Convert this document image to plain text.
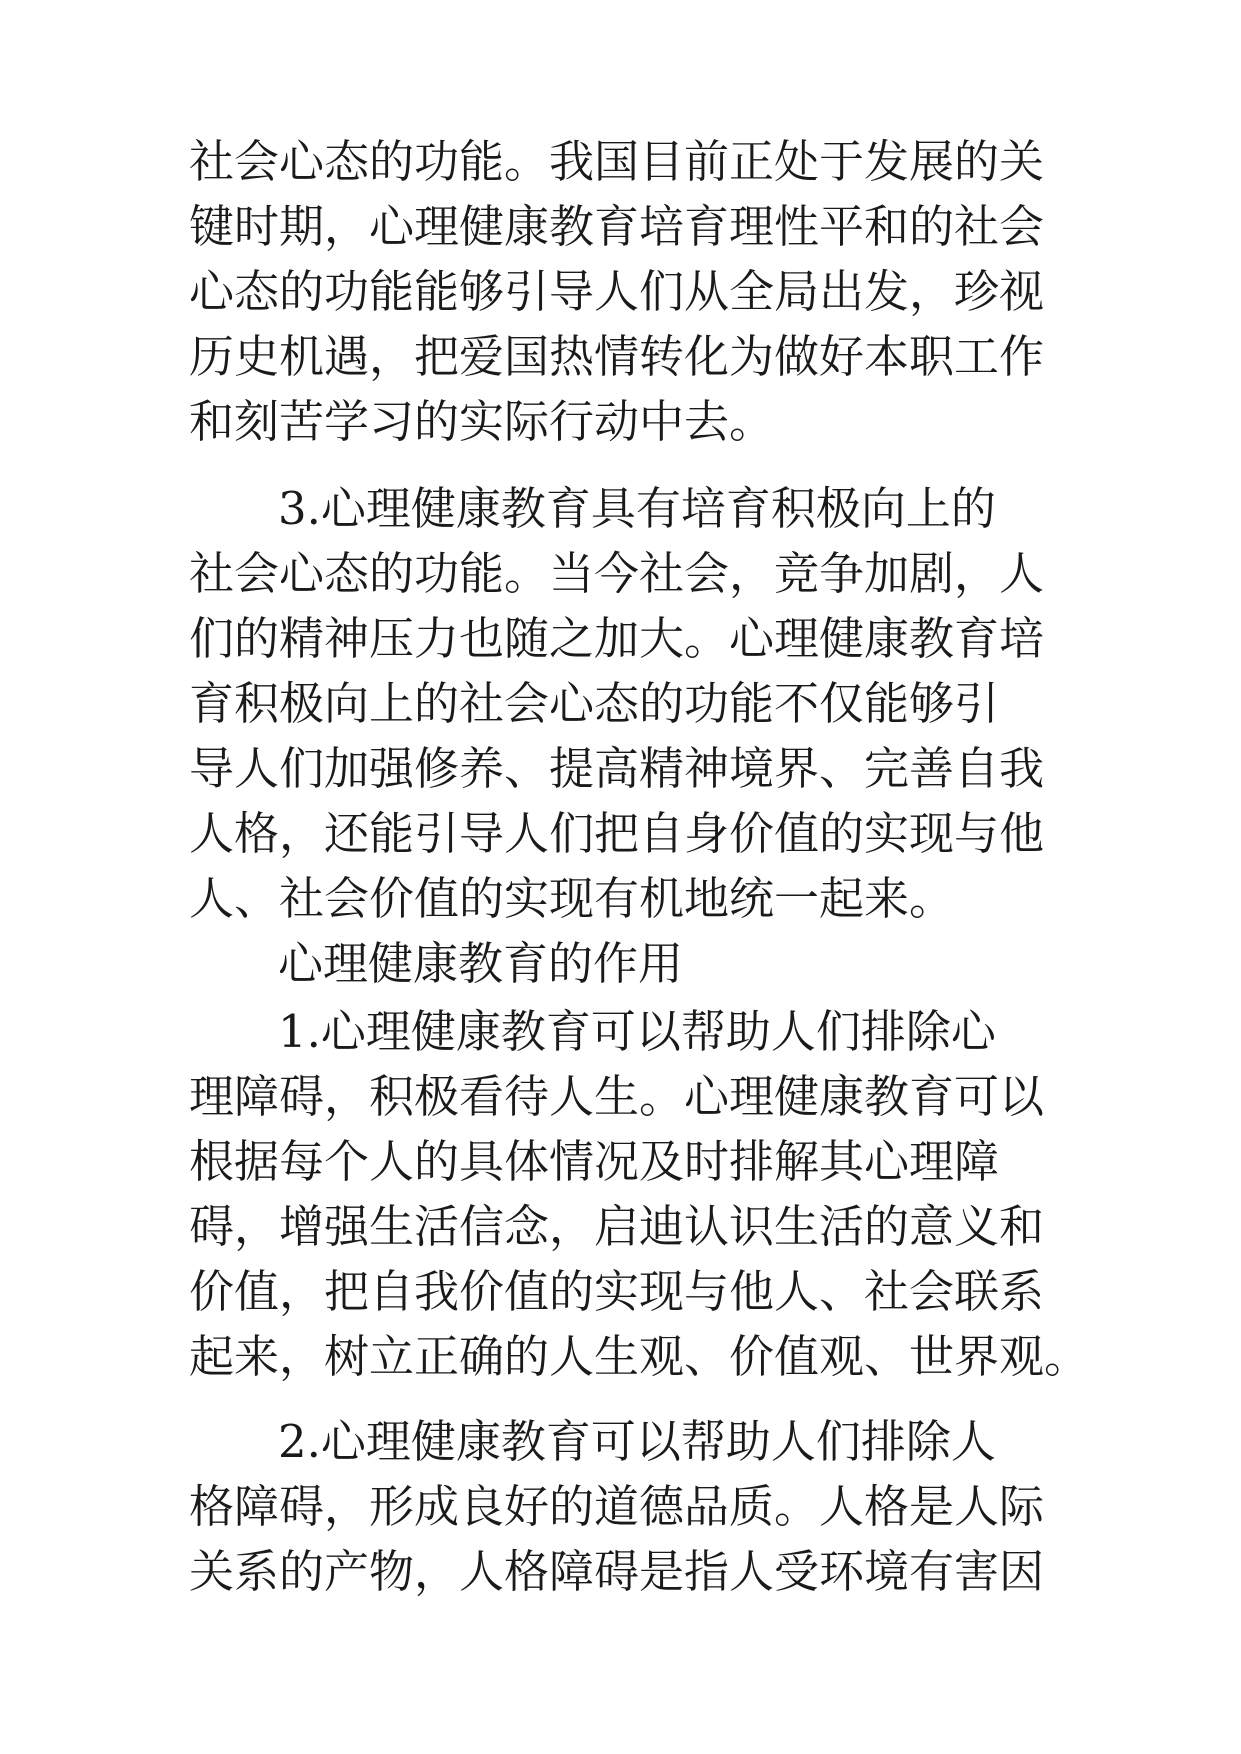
社会心态的功能。我国目前正处于发展的关
键时期，心理健康教育培育理性平和的社会
心态的功能能够引导人们从全局出发，珍视
历史机遇，把爱国热情转化为做好本职工作
和刻苦学习的实际行动中去。
3.心理健康教育具有培育积极向上的
社会心态的功能。当今社会，竞争加剧，人
们的精神压力也随之加大。心理健康教育培
育积极向上的社会心态的功能不仅能够引
导人们加强修养、提高精神境界、完善自我
人格，还能引导人们把自身价值的实现与他
人、社会价值的实现有机地统一起来。
心理健康教育的作用
1.心理健康教育可以帮助人们排除心
理障碍，积极看待人生。心理健康教育可以
根据每个人的具体情况及时排解其心理障
碍，增强生活信念，启迪认识生活的意义和
价值，把自我价值的实现与他人、社会联系
起来，树立正确的人生观、价值观、世界观。
2.心理健康教育可以帮助人们排除人
格障碍，形成良好的道德品质。人格是人际
关系的产物，人格障碍是指人受环境有害因
